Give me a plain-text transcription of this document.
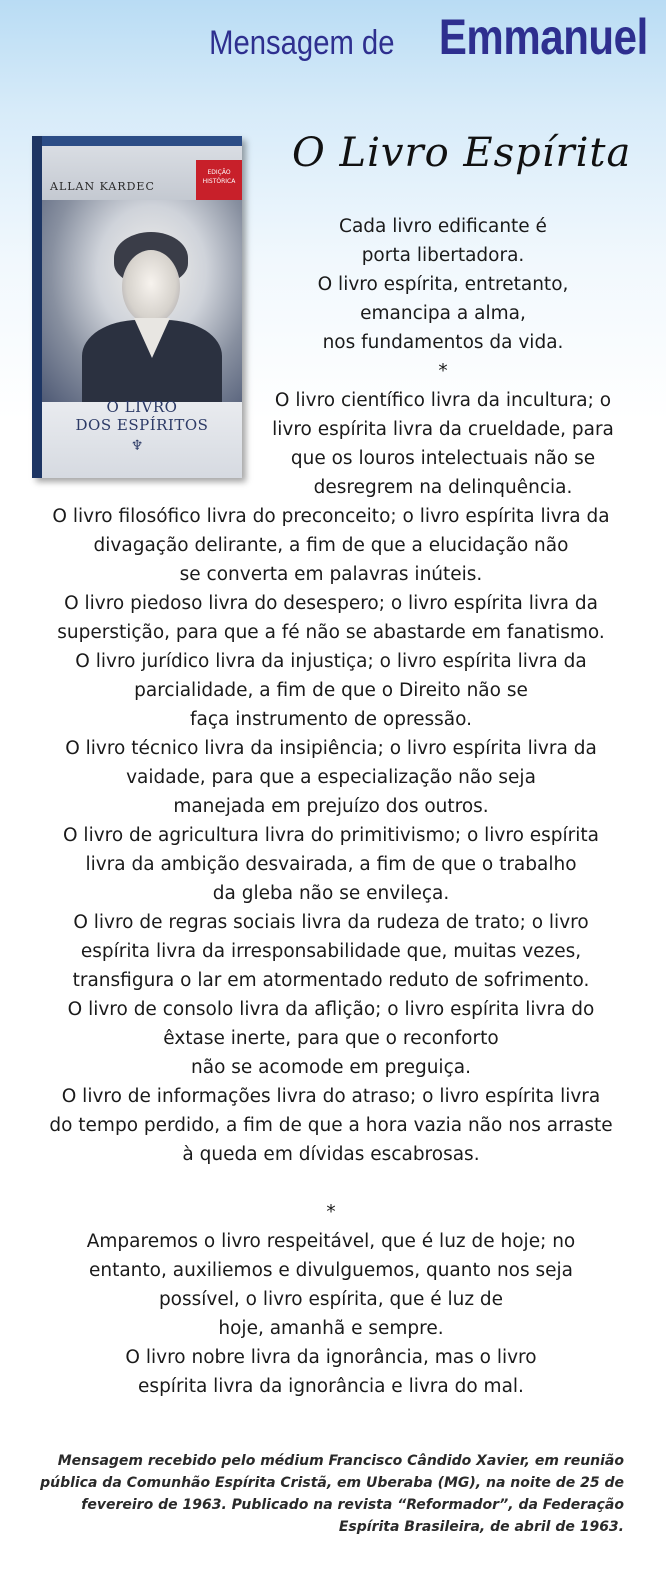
Mensagem de Emmanuel
ALLAN KARDEC
EDIÇÃO HISTÓRICA
O LIVRO
DOS ESPÍRITOS
♆
O Livro Espírita
Cada livro edificante é
porta libertadora.
O livro espírita, entretanto,
emancipa a alma,
nos fundamentos da vida.
*
O livro científico livra da incultura; o
livro espírita livra da crueldade, para
que os louros intelectuais não se
desregrem na delinquência.
O livro filosófico livra do preconceito; o livro espírita livra da
divagação delirante, a fim de que a elucidação não
se converta em palavras inúteis.
O livro piedoso livra do desespero; o livro espírita livra da
superstição, para que a fé não se abastarde em fanatismo.
O livro jurídico livra da injustiça; o livro espírita livra da
parcialidade, a fim de que o Direito não se
faça instrumento de opressão.
O livro técnico livra da insipiência; o livro espírita livra da
vaidade, para que a especialização não seja
manejada em prejuízo dos outros.
O livro de agricultura livra do primitivismo; o livro espírita
livra da ambição desvairada, a fim de que o trabalho
da gleba não se envileça.
O livro de regras sociais livra da rudeza de trato; o livro
espírita livra da irresponsabilidade que, muitas vezes,
transfigura o lar em atormentado reduto de sofrimento.
O livro de consolo livra da aflição; o livro espírita livra do
êxtase inerte, para que o reconforto
não se acomode em preguiça.
O livro de informações livra do atraso; o livro espírita livra
do tempo perdido, a fim de que a hora vazia não nos arraste
à queda em dívidas escabrosas.
*
Amparemos o livro respeitável, que é luz de hoje; no
entanto, auxiliemos e divulguemos, quanto nos seja
possível, o livro espírita, que é luz de
hoje, amanhã e sempre.
O livro nobre livra da ignorância, mas o livro
espírita livra da ignorância e livra do mal.
Mensagem recebido pelo médium Francisco Cândido Xavier, em reunião
pública da Comunhão Espírita Cristã, em Uberaba (MG), na noite de 25 de
fevereiro de 1963. Publicado na revista “Reformador”, da Federação
Espírita Brasileira, de abril de 1963.
